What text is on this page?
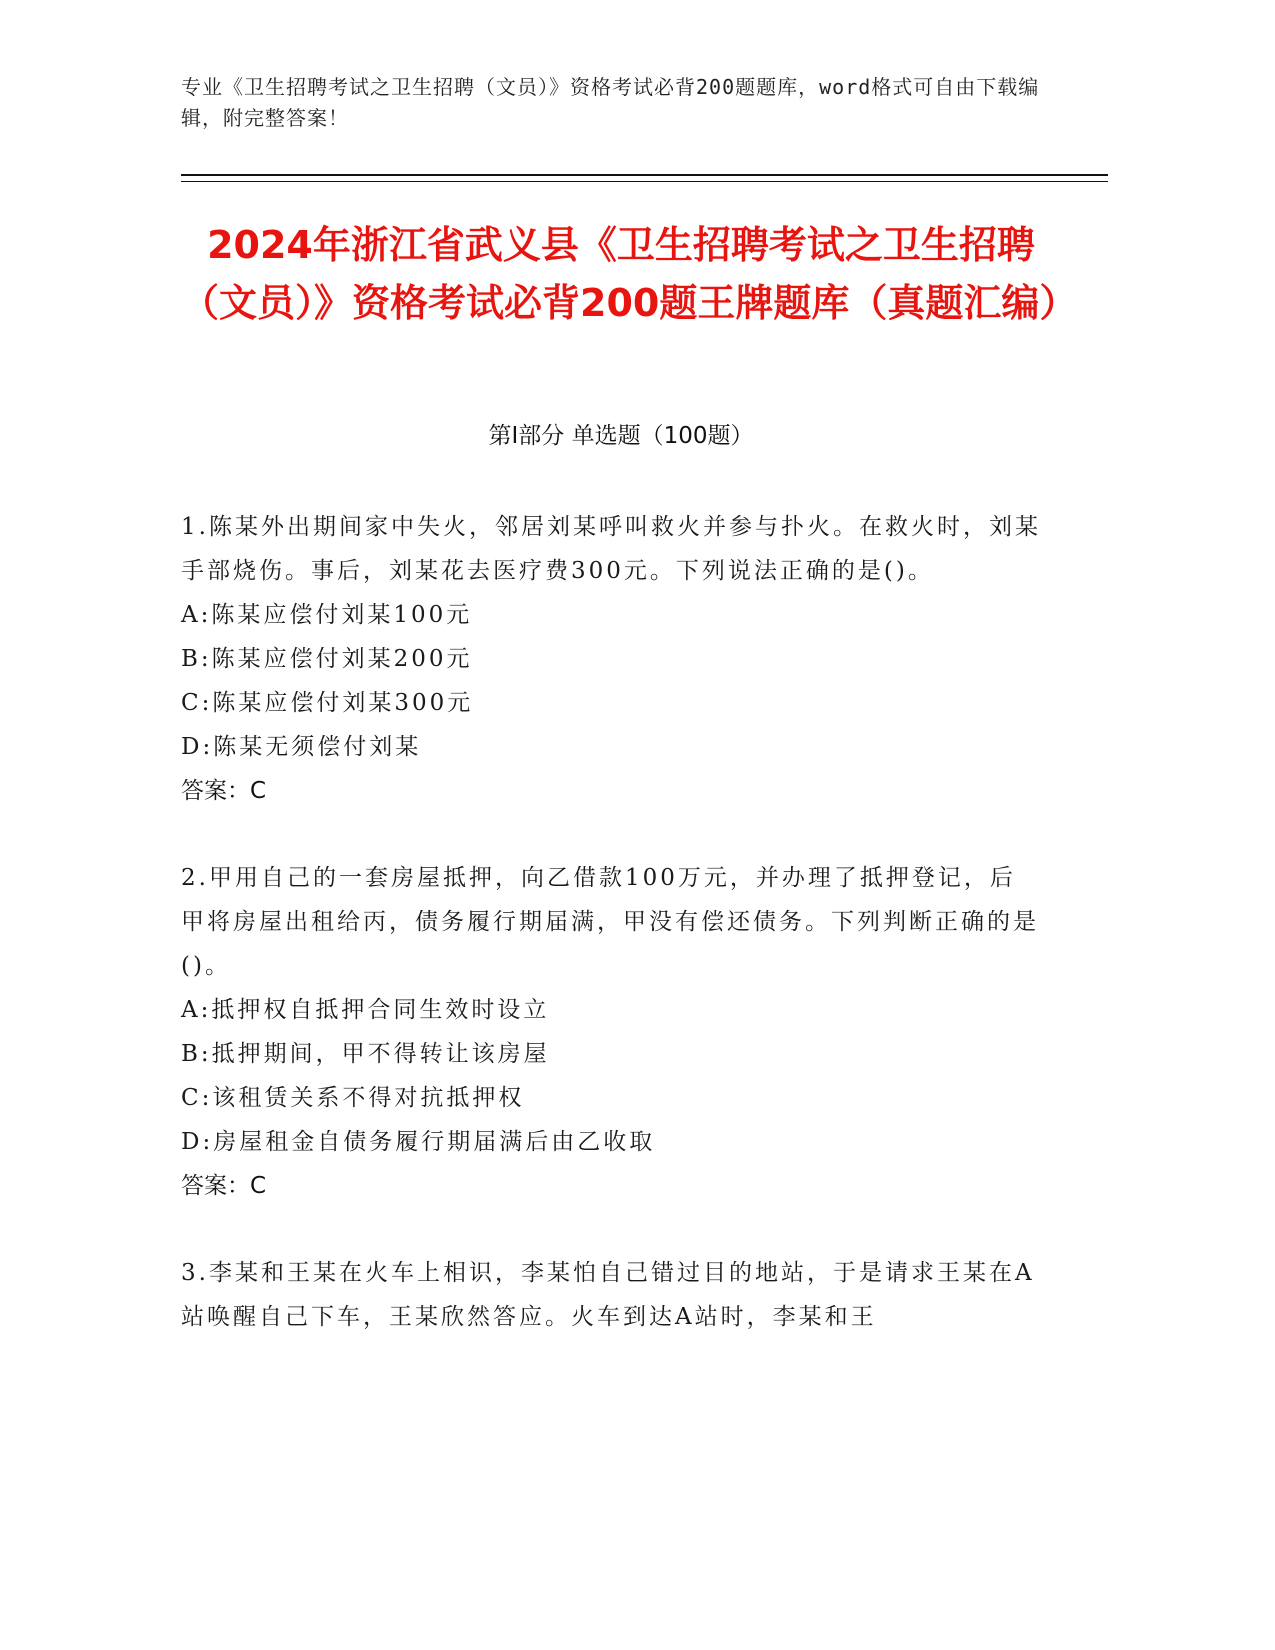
专业《卫生招聘考试之卫生招聘（文员）》资格考试必背200题题库，word格式可自由下载编辑，附完整答案！
2024年浙江省武义县《卫生招聘考试之卫生招聘（文员）》资格考试必背200题王牌题库（真题汇编）
第I部分 单选题（100题）
1.陈某外出期间家中失火，邻居刘某呼叫救火并参与扑火。在救火时，刘某手部烧伤。事后，刘某花去医疗费300元。下列说法正确的是()。
A:陈某应偿付刘某100元
B:陈某应偿付刘某200元
C:陈某应偿付刘某300元
D:陈某无须偿付刘某
答案：C
2.甲用自己的一套房屋抵押，向乙借款100万元，并办理了抵押登记，后甲将房屋出租给丙，债务履行期届满，甲没有偿还债务。下列判断正确的是()。
A:抵押权自抵押合同生效时设立
B:抵押期间，甲不得转让该房屋
C:该租赁关系不得对抗抵押权
D:房屋租金自债务履行期届满后由乙收取
答案：C
3.李某和王某在火车上相识，李某怕自己错过目的地站，于是请求王某在A站唤醒自己下车，王某欣然答应。火车到达A站时，李某和王
